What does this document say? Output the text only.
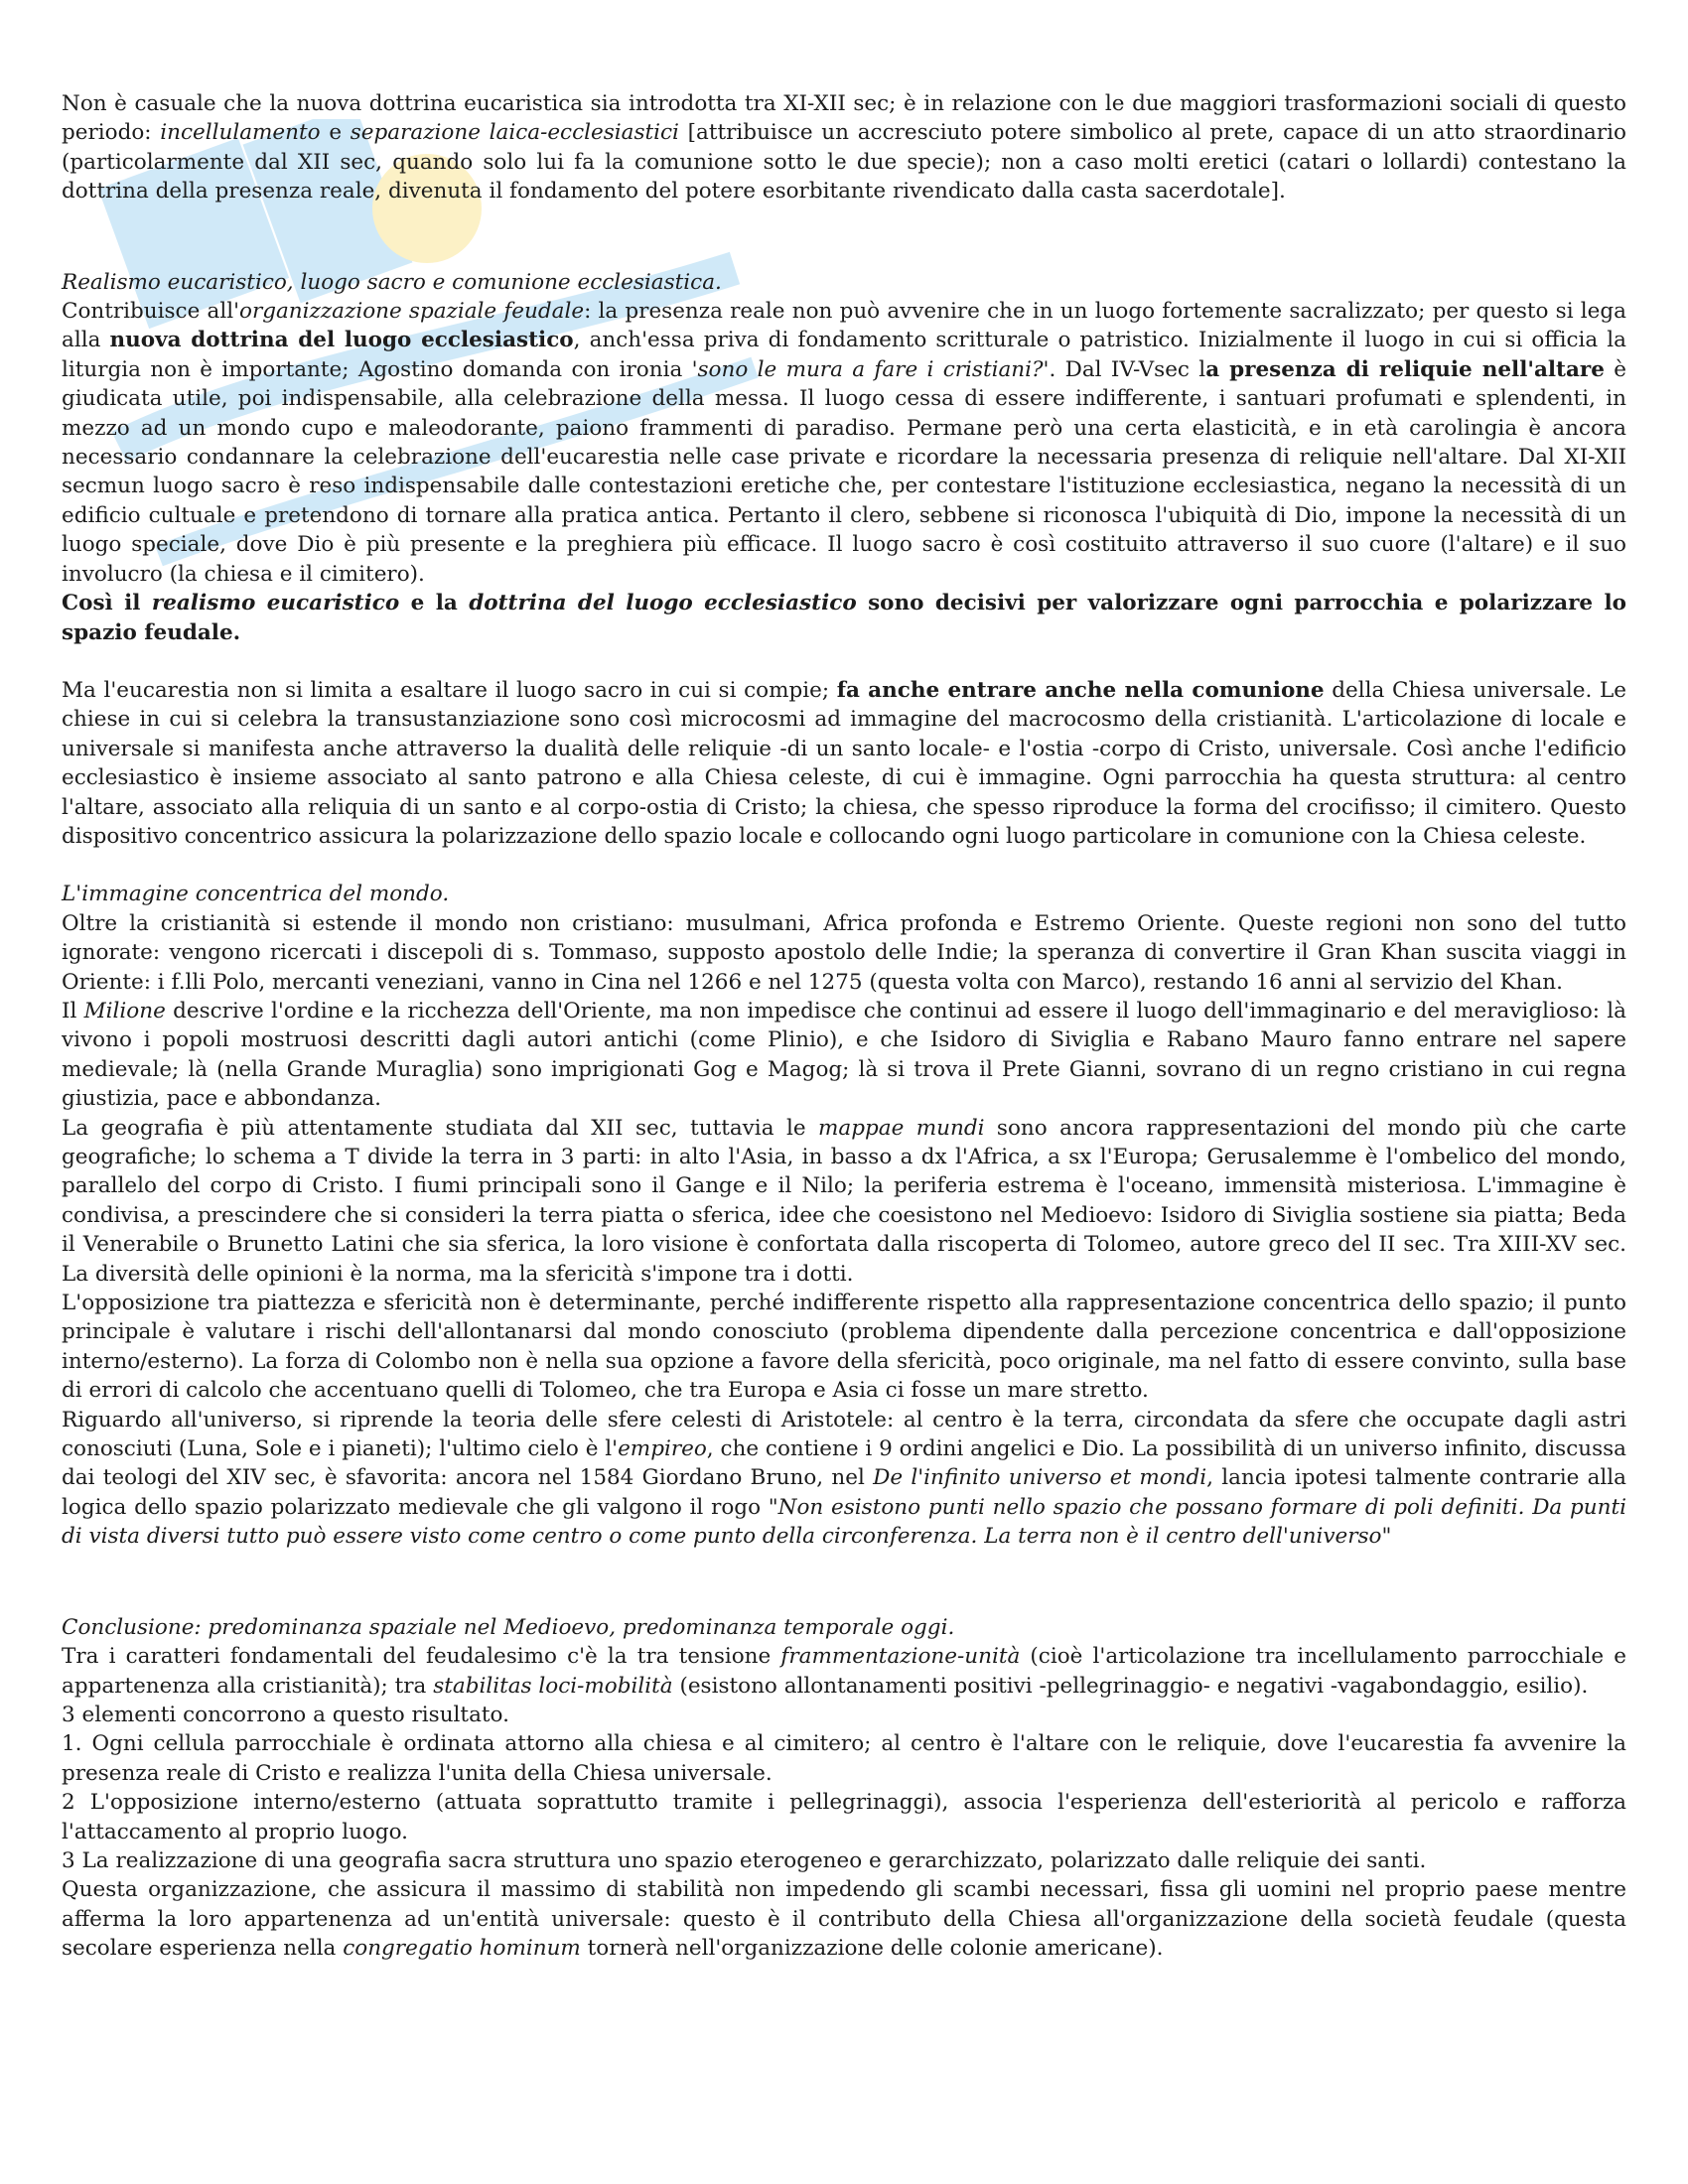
Non è casuale che la nuova dottrina eucaristica sia introdotta tra XI-XII sec; è in relazione con le due maggiori trasformazioni sociali di questo periodo: incellulamento e separazione laica-ecclesiastici [attribuisce un accresciuto potere simbolico al prete, capace di un atto straordinario (particolarmente dal XII sec, quando solo lui fa la comunione sotto le due specie); non a caso molti eretici (catari o lollardi) contestano la dottrina della presenza reale, divenuta il fondamento del potere esorbitante rivendicato dalla casta sacerdotale].

Realismo eucaristico, luogo sacro e comunione ecclesiastica.

Contribuisce all'organizzazione spaziale feudale: la presenza reale non può avvenire che in un luogo fortemente sacralizzato; per questo si lega alla nuova dottrina del luogo ecclesiastico, anch'essa priva di fondamento scritturale o patristico. Inizialmente il luogo in cui si officia la liturgia non è importante; Agostino domanda con ironia 'sono le mura a fare i cristiani?'. Dal IV-Vsec la presenza di reliquie nell'altare è giudicata utile, poi indispensabile, alla celebrazione della messa. Il luogo cessa di essere indifferente, i santuari profumati e splendenti, in mezzo ad un mondo cupo e maleodorante, paiono frammenti di paradiso. Permane però una certa elasticità, e in età carolingia è ancora necessario condannare la celebrazione dell'eucarestia nelle case private e ricordare la necessaria presenza di reliquie nell'altare. Dal XI-XII secmun luogo sacro è reso indispensabile dalle contestazioni eretiche che, per contestare l'istituzione ecclesiastica, negano la necessità di un edificio cultuale e pretendono di tornare alla pratica antica. Pertanto il clero, sebbene si riconosca l'ubiquità di Dio, impone la necessità di un luogo speciale, dove Dio è più presente e la preghiera più efficace. Il luogo sacro è così costituito attraverso il suo cuore (l'altare) e il suo involucro (la chiesa e il cimitero).

Così il realismo eucaristico e la dottrina del luogo ecclesiastico sono decisivi per valorizzare ogni parrocchia e polarizzare lo spazio feudale.

Ma l'eucarestia non si limita a esaltare il luogo sacro in cui si compie; fa anche entrare anche nella comunione della Chiesa universale. Le chiese in cui si celebra la transustanziazione sono così microcosmi ad immagine del macrocosmo della cristianità. L'articolazione di locale e universale si manifesta anche attraverso la dualità delle reliquie -di un santo locale- e l'ostia -corpo di Cristo, universale. Così anche l'edificio ecclesiastico è insieme associato al santo patrono e alla Chiesa celeste, di cui è immagine. Ogni parrocchia ha questa struttura: al centro l'altare, associato alla reliquia di un santo e al corpo-ostia di Cristo; la chiesa, che spesso riproduce la forma del crocifisso; il cimitero. Questo dispositivo concentrico assicura la polarizzazione dello spazio locale e collocando ogni luogo particolare in comunione con la Chiesa celeste.

L'immagine concentrica del mondo.

Oltre la cristianità si estende il mondo non cristiano: musulmani, Africa profonda e Estremo Oriente. Queste regioni non sono del tutto ignorate: vengono ricercati i discepoli di s. Tommaso, supposto apostolo delle Indie; la speranza di convertire il Gran Khan suscita viaggi in Oriente: i f.lli Polo, mercanti veneziani, vanno in Cina nel 1266 e nel 1275 (questa volta con Marco), restando 16 anni al servizio del Khan.

Il Milione descrive l'ordine e la ricchezza dell'Oriente, ma non impedisce che continui ad essere il luogo dell'immaginario e del meraviglioso: là vivono i popoli mostruosi descritti dagli autori antichi (come Plinio), e che Isidoro di Siviglia e Rabano Mauro fanno entrare nel sapere medievale; là (nella Grande Muraglia) sono imprigionati Gog e Magog; là si trova il Prete Gianni, sovrano di un regno cristiano in cui regna giustizia, pace e abbondanza.

La geografia è più attentamente studiata dal XII sec, tuttavia le mappae mundi sono ancora rappresentazioni del mondo più che carte geografiche; lo schema a T divide la terra in 3 parti: in alto l'Asia, in basso a dx l'Africa, a sx l'Europa; Gerusalemme è l'ombelico del mondo, parallelo del corpo di Cristo. I fiumi principali sono il Gange e il Nilo; la periferia estrema è l'oceano, immensità misteriosa. L'immagine è condivisa, a prescindere che si consideri la terra piatta o sferica, idee che coesistono nel Medioevo: Isidoro di Siviglia sostiene sia piatta; Beda il Venerabile o Brunetto Latini che sia sferica, la loro visione è confortata dalla riscoperta di Tolomeo, autore greco del II sec. Tra XIII-XV sec. La diversità delle opinioni è la norma, ma la sfericità s'impone tra i dotti.

L'opposizione tra piattezza e sfericità non è determinante, perché indifferente rispetto alla rappresentazione concentrica dello spazio; il punto principale è valutare i rischi dell'allontanarsi dal mondo conosciuto (problema dipendente dalla percezione concentrica e dall'opposizione interno/esterno). La forza di Colombo non è nella sua opzione a favore della sfericità, poco originale, ma nel fatto di essere convinto, sulla base di errori di calcolo che accentuano quelli di Tolomeo, che tra Europa e Asia ci fosse un mare stretto.

Riguardo all'universo, si riprende la teoria delle sfere celesti di Aristotele: al centro è la terra, circondata da sfere che occupate dagli astri conosciuti (Luna, Sole e i pianeti); l'ultimo cielo è l'empireo, che contiene i 9 ordini angelici e Dio. La possibilità di un universo infinito, discussa dai teologi del XIV sec, è sfavorita: ancora nel 1584 Giordano Bruno, nel De l'infinito universo et mondi, lancia ipotesi talmente contrarie alla logica dello spazio polarizzato medievale che gli valgono il rogo "Non esistono punti nello spazio che possano formare di poli definiti. Da punti di vista diversi tutto può essere visto come centro o come punto della circonferenza. La terra non è il centro dell'universo"

Conclusione: predominanza spaziale nel Medioevo, predominanza temporale oggi.

Tra i caratteri fondamentali del feudalesimo c'è la tra tensione frammentazione-unità (cioè l'articolazione tra incellulamento parrocchiale e appartenenza alla cristianità); tra stabilitas loci-mobilità (esistono allontanamenti positivi -pellegrinaggio- e negativi -vagabondaggio, esilio).

3 elementi concorrono a questo risultato.

1. Ogni cellula parrocchiale è ordinata attorno alla chiesa e al cimitero; al centro è l'altare con le reliquie, dove l'eucarestia fa avvenire la presenza reale di Cristo e realizza l'unita della Chiesa universale.

2 L'opposizione interno/esterno (attuata soprattutto tramite i pellegrinaggi), associa l'esperienza dell'esteriorità al pericolo e rafforza l'attaccamento al proprio luogo.

3 La realizzazione di una geografia sacra struttura uno spazio eterogeneo e gerarchizzato, polarizzato dalle reliquie dei santi.

Questa organizzazione, che assicura il massimo di stabilità non impedendo gli scambi necessari, fissa gli uomini nel proprio paese mentre afferma la loro appartenenza ad un'entità universale: questo è il contributo della Chiesa all'organizzazione della società feudale (questa secolare esperienza nella congregatio hominum tornerà nell'organizzazione delle colonie americane).
